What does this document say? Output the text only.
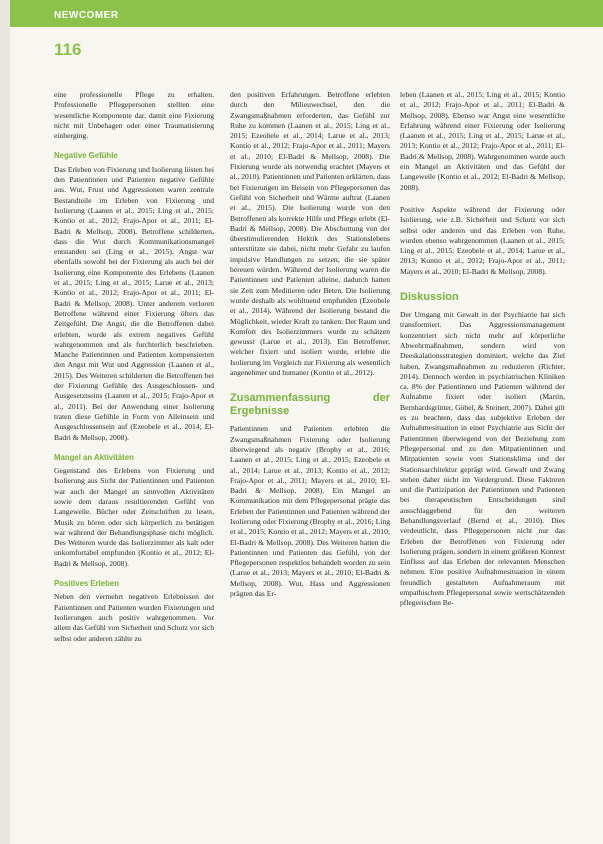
NEWCOMER
116

eine professionelle Pflege zu erhalten. Professionelle Pflegepersonen stellten eine wesentliche Komponente dar, damit eine Fixierung nicht mit Unbehagen oder einer Traumatisierung einherging.

Negative Gefühle

Das Erleben von Fixierung und Isolierung lösten bei den Patientinnen und Patienten negative Gefühle aus. Wut, Frust und Aggressionen waren zentrale Bestandteile im Erleben von Fixierung und Isolierung (Laanen et al., 2015; Ling et al., 2015; Kontio et al., 2012; Frajo-Apor et al., 2011; El-Badri & Mellsop, 2008). Betroffene schilderten, dass die Wut durch Kommunikationsmangel entstanden sei (Ling et al., 2015). Angst war ebenfalls sowohl bei der Fixierung als auch bei der Isolierung eine Komponente des Erlebens (Laanen et al., 2015; Ling et al., 2015; Larue et al., 2013; Kontio et al., 2012; Frajo-Apor et al., 2011; El-Badri & Mellsop, 2008). Unter anderem verloren Betroffene während einer Fixierung öfters das Zeitgefühl. Die Angst, die die Betroffenen dabei erlebten, wurde als extrem negatives Gefühl wahrgenommen und als furchterlich beschrieben. Manche Patientinnen und Patienten kompensierten den Angst mit Wut und Aggression (Laanen et al., 2015). Des Weiteren schilderten die Betroffenen bei der Fixierung Gefühle des Ausgeschlossen- und Ausgesetztseins (Laanen et al., 2015; Frajo-Apor et al., 2011). Bei der Anwendung einer Isolierung traten diese Gefühle in Form von Alleinsein und Ausgeschlossensein auf (Ezeobele et al., 2014; El-Badri & Mellsop, 2008).

Mangel an Aktivitäten

Gegenstand des Erlebens von Fixierung und Isolierung aus Sicht der Patientinnen und Patienten war auch der Mangel an sinnvollen Aktivitäten sowie dem daraus resultierenden Gefühl von Langeweile. Bücher oder Zeitschriften zu lesen, Musik zu hören oder sich körperlich zu betätigen war während der Behandlungsphase nicht möglich. Des Weiteren wurde das Isolierzimmer als kalt oder unkomfortabel empfunden (Kontio et al., 2012; El-Badri & Mellsop, 2008).

Positives Erleben

Neben den vermehrt negativen Erlebnissen der Patientinnen und Patienten wurden Fixierungen und Isolierungen auch positiv wahrgenommen. Vor allem das Gefühl von Sicherheit und Schutz vor sich selbst oder anderen zählte zu

den positiven Erfahrungen. Betroffene erlebten durch den Milieuwechsel, den die Zwangsmaßnahmen erforderten, das Gefühl zur Ruhe zu kommen (Laanen et al., 2015; Ling et al., 2015; Ezeobele et al., 2014; Larue et al., 2013; Kontio et al., 2012; Frajo-Apor et al., 2011; Mayers et al., 2010; El-Badri & Mellsop, 2008). Die Fixierung wurde als notwendig erachtet (Mayers et al., 2010). Patientinnen und Patienten erklärten, dass bei Fixierungen im Beisein von Pflegepersonen das Gefühl von Sicherheit und Wärme auftrat (Laanen et al., 2015). Die Isolierung wurde von den Betroffenen als korrekte Hilfe und Pflege erlebt (El-Badri & Mellsop, 2008). Die Abschottung von der überstimulierenden Hektik des Stationslebens unterstützte sie dabei, nicht mehr Gefahr zu laufen impulsive Handlungen zu setzen, die sie später bereuen würden. Während der Isolierung waren die Patientinnen und Patienten alleine, dadurch hatten sie Zeit zum Meditieren oder Beten. Die Isolierung wurde deshalb als wohltuend empfunden (Ezeobele et al., 2014). Während der Isolierung bestand die Möglichkeit, wieder Kraft zu tanken. Der Raum und Komfort des Isolierzimmers wurde zu schätzen gewusst (Larue et al., 2013). Ein Betroffener, welcher fixiert und isoliert wurde, erlebte die Isolierung im Vergleich zur Fixierung als wesentlich angenehmer und humaner (Kontio et al., 2012).

Zusammenfassung der Ergebnisse

Patientinnen und Patienten erlebten die Zwangsmaßnahmen Fixierung oder Isolierung überwiegend als negativ (Brophy et al., 2016; Laanen et al., 2015; Ling et al., 2015; Ezeobele et al., 2014; Larue et al., 2013; Kontio et al., 2012; Frajo-Apor et al., 2011; Mayers et al., 2010; El-Badri & Mellsop, 2008). Ein Mangel an Kommunikation mit dem Pflegepersonal prägte das Erleben der Patientinnen und Patienten während der Isolierung oder Fixierung (Brophy et al., 2016; Ling et al., 2015; Kontio et al., 2012; Mayers et al., 2010; El-Badri & Mellsop, 2008). Des Weiteren hatten die Patientinnen und Patienten das Gefühl, von der Pflegepersonen respektlos behandelt worden zu sein (Larue et al., 2013; Mayers et al., 2010; El-Badri & Mellsop, 2008). Wut, Hass und Aggressionen prägten das Er-

leben (Laanen et al., 2015; Ling et al., 2015; Kontio et al., 2012; Frajo-Apor et al., 2011; El-Badri & Mellsop, 2008). Ebenso war Angst eine wesentliche Erfahrung während einer Fixierung oder Isolierung (Laanen et al., 2015; Ling et al., 2015; Larue et al., 2013; Kontio et al., 2012; Frajo-Apor et al., 2011; El-Badri & Mellsop, 2008). Wahrgenommen wurde auch ein Mangel an Aktivitäten und das Gefühl der Langeweile (Kontio et al., 2012; El-Badri & Mellsop, 2008).

Positive Aspekte während der Fixierung oder Isolierung, wie z.B. Sicherheit und Schutz vor sich selbst oder anderen und das Erleben von Ruhe, wurden ebenso wahrgenommen (Laanen et al., 2015; Ling et al., 2015; Ezeobele et al., 2014; Larue et al., 2013; Kontio et al., 2012; Frajo-Apor et al., 2011; Mayers et al., 2010; El-Badri & Mellsop, 2008).

Diskussion

Der Umgang mit Gewalt in der Psychiatrie hat sich transformiert. Das Aggressionsmanagement konzentriert sich nicht mehr auf körperliche Abwehrmaßnahmen, sondern wird von Deeskalationsstrategien dominiert, welche das Ziel haben, Zwangsmaßnahmen zu reduzieren (Richter, 2014). Dennoch werden in psychiatrischen Kliniken ca. 8% der Patientinnen und Patienten während der Aufnahme fixiert oder isoliert (Martin, Bernhardsgrütter, Göbel, & Steinert, 2007). Dabei gilt es zu beachten, dass das subjektive Erleben der Aufnahmesituation in einer Psychiatrie aus Sicht der Patientinnen überwiegend von der Beziehung zum Pflegepersonal und zu den Mitpatientinnen und Mitpatienten sowie vom Stationsklima und der Stationsarchitektur geprägt wird. Gewalt und Zwang stehen daher nicht im Vordergrund. Diese Faktoren und die Partizipation der Patientinnen und Patienten bei therapeutischen Entscheidungen sind ausschlaggebend für den weiteren Behandlungsverlauf (Bernd et al., 2010). Dies verdeutlicht, dass Pflegepersonen nicht nur das Erleben der Betroffenen von Fixierung oder Isolierung prägen, sondern in einem größeren Kontext Einfluss auf das Erleben der relevanten Menschen nehmen. Eine positive Aufnahmesituation in einem freundlich gestalteten Aufnahmeraum mit empathischem Pflegepersonal sowie wertschätzenden pflegerischen Be-
